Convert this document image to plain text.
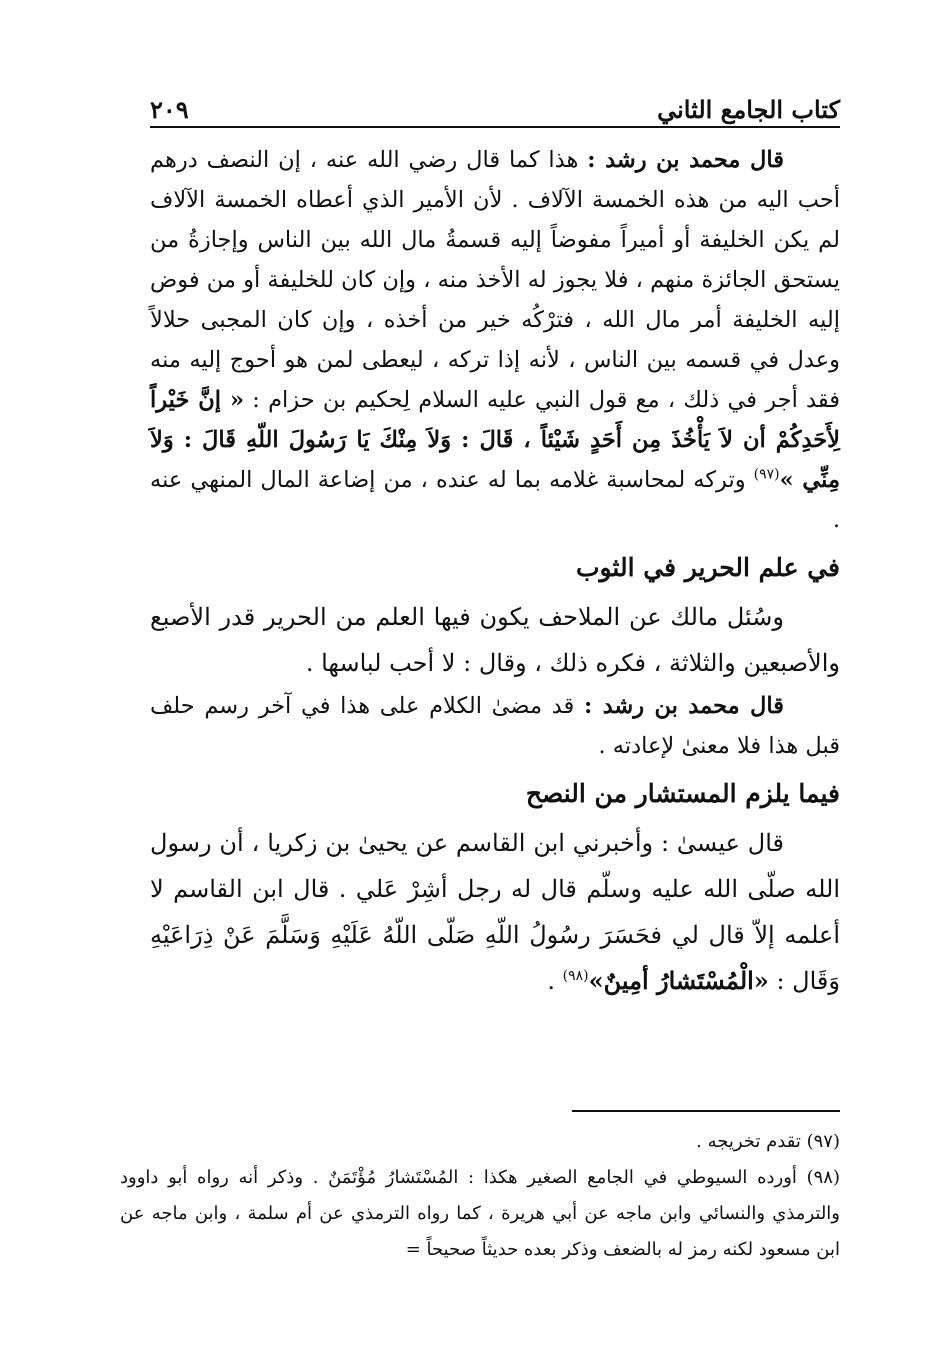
كتاب الجامع الثاني
٢٠٩

قال محمد بن رشد : هذا كما قال رضي الله عنه ، إن النصف درهم أحب اليه من هذه الخمسة الآلاف . لأن الأمير الذي أعطاه الخمسة الآلاف لم يكن الخليفة أو أميراً مفوضاً إليه قسمةُ مال الله بين الناس وإجازةُ من يستحق الجائزة منهم ، فلا يجوز له الأخذ منه ، وإن كان للخليفة أو من فوض إليه الخليفة أمر مال الله ، فترْكُه خير من أخذه ، وإن كان المجبى حلالاً وعدل في قسمه بين الناس ، لأنه إذا تركه ، ليعطى لمن هو أحوج إليه منه فقد أجر في ذلك ، مع قول النبي عليه السلام لِحكيم بن حزام : « إنَّ خَيْراً لِأَحَدِكُمْ أن لاَ يَأْخُذَ مِن أَحَدٍ شَيْئاً ، قَالَ : وَلاَ مِنْكَ يَا رَسُولَ اللّهِ قَالَ : وَلاَ مِنِّي »$^{(٩٧)}$ وتركه لمحاسبة غلامه بما له عنده ، من إضاعة المال المنهي عنه .

في علم الحرير في الثوب

وسُئل مالك عن الملاحف يكون فيها العلم من الحرير قدر الأصبع والأصبعين والثلاثة ، فكره ذلك ، وقال : لا أحب لباسها .

قال محمد بن رشد : قد مضىٰ الكلام على هذا في آخر رسم حلف قبل هذا فلا معنىٰ لإعادته .

فيما يلزم المستشار من النصح

قال عيسىٰ : وأخبرني ابن القاسم عن يحيىٰ بن زكريا ، أن رسول الله صلّى الله عليه وسلّم قال له رجل أشِرْ عَلي . قال ابن القاسم لا أعلمه إلاّ قال لي فحَسَرَ رسُولُ اللّهِ صَلّى اللّهُ عَلَيْهِ وَسَلَّمَ عَنْ ذِرَاعَيْهِ وَقَال : «الْمُسْتَشارُ أمِينٌ»$^{(٩٨)}$ .

(٩٧) تقدم تخريجه .

(٩٨) أورده السيوطي في الجامع الصغير هكذا : المُسْتَشارُ مُؤْتَمَنٌ . وذكر أنه رواه أبو داوود والترمذي والنسائي وابن ماجه عن أبي هريرة ، كما رواه الترمذي عن أم سلمة ، وابن ماجه عن ابن مسعود لكنه رمز له بالضعف وذكر بعده حديثاً صحيحاً =
